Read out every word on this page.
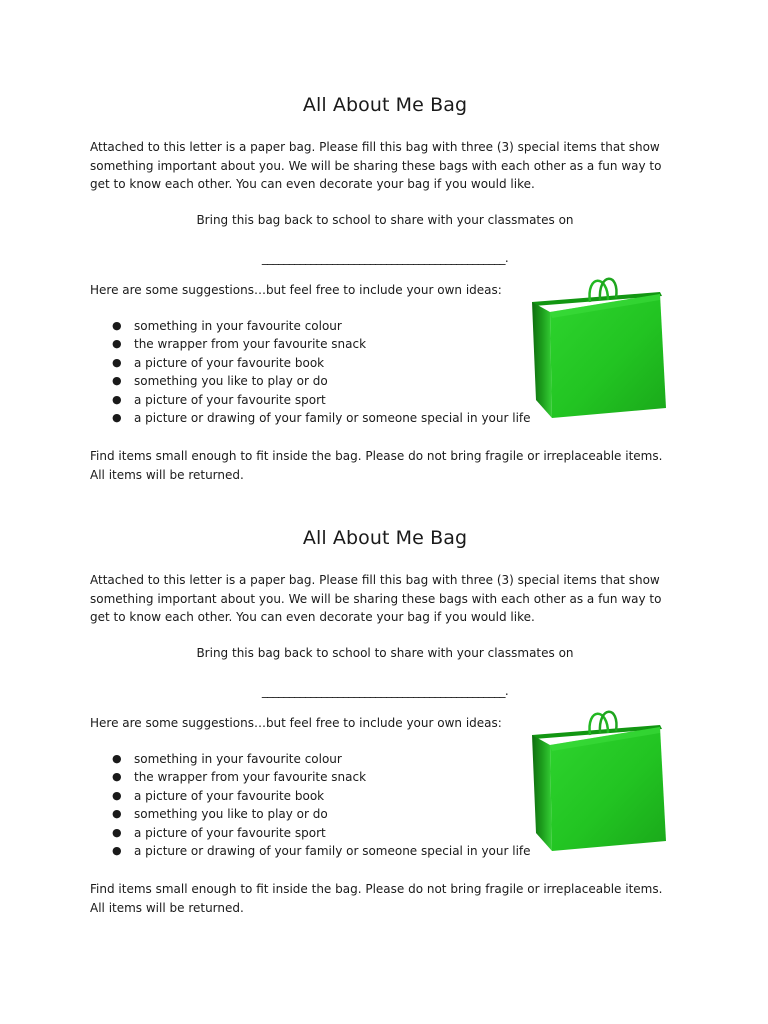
All About Me Bag

Attached to this letter is a paper bag. Please fill this bag with three (3) special items that show something important about you. We will be sharing these bags with each other as a fun way to get to know each other. You can even decorate your bag if you would like.

Bring this bag back to school to share with your classmates on

_____________________________________________.

Here are some suggestions…but feel free to include your own ideas:

● something in your favourite colour
● the wrapper from your favourite snack
● a picture of your favourite book
● something you like to play or do
● a picture of your favourite sport
● a picture or drawing of your family or someone special in your life

Find items small enough to fit inside the bag. Please do not bring fragile or irreplaceable items. All items will be returned.

All About Me Bag

Attached to this letter is a paper bag. Please fill this bag with three (3) special items that show something important about you. We will be sharing these bags with each other as a fun way to get to know each other. You can even decorate your bag if you would like.

Bring this bag back to school to share with your classmates on

_____________________________________________.

Here are some suggestions…but feel free to include your own ideas:

● something in your favourite colour
● the wrapper from your favourite snack
● a picture of your favourite book
● something you like to play or do
● a picture of your favourite sport
● a picture or drawing of your family or someone special in your life

Find items small enough to fit inside the bag. Please do not bring fragile or irreplaceable items. All items will be returned.
